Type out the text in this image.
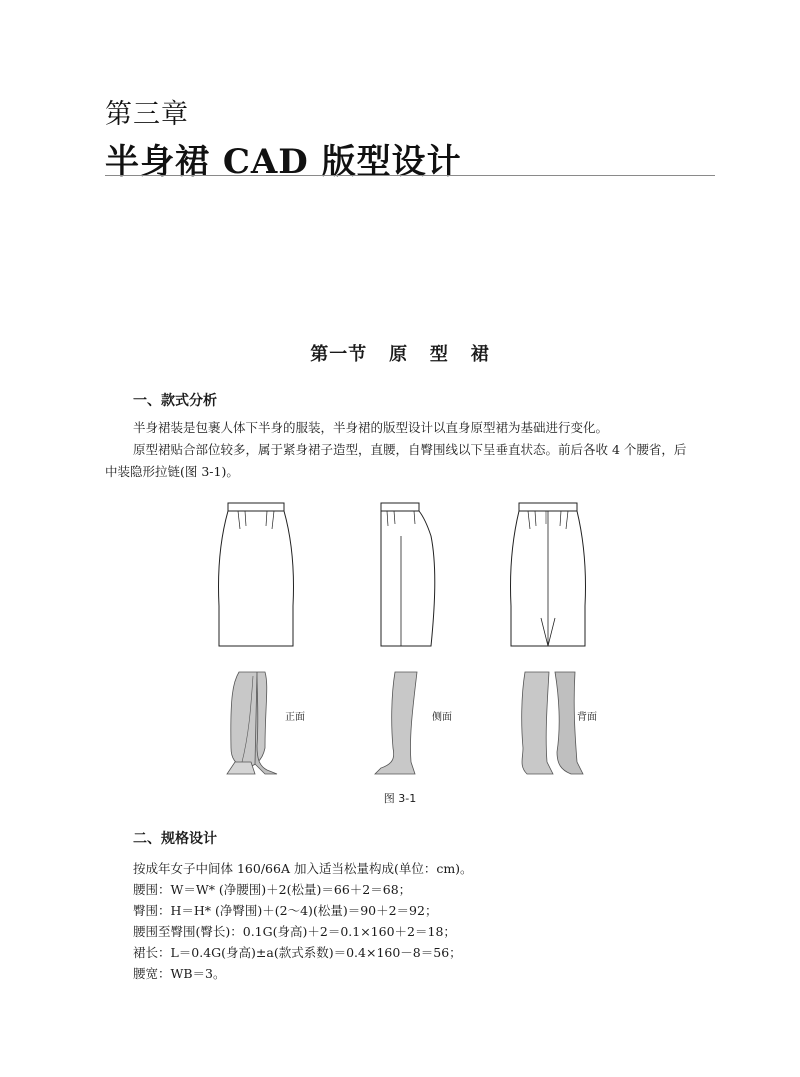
第三章
半身裙 CAD 版型设计
第一节   原   型   裙
一、款式分析
半身裙装是包裹人体下半身的服装，半身裙的版型设计以直身原型裙为基础进行变化。
原型裙贴合部位较多，属于紧身裙子造型，直腰，自臀围线以下呈垂直状态。前后各收 4 个腰省，后
中装隐形拉链(图 3-1)。
正面	侧面	背面
图 3-1
二、规格设计
按成年女子中间体 160/66A 加入适当松量构成(单位：cm)。
腰围：W＝W* (净腰围)＋2(松量)＝66＋2＝68；
臀围：H＝H* (净臀围)＋(2～4)(松量)＝90＋2＝92；
腰围至臀围(臀长)：0.1G(身高)＋2＝0.1×160＋2＝18；
裙长：L＝0.4G(身高)±a(款式系数)＝0.4×160－8＝56；
腰宽：WB＝3。
